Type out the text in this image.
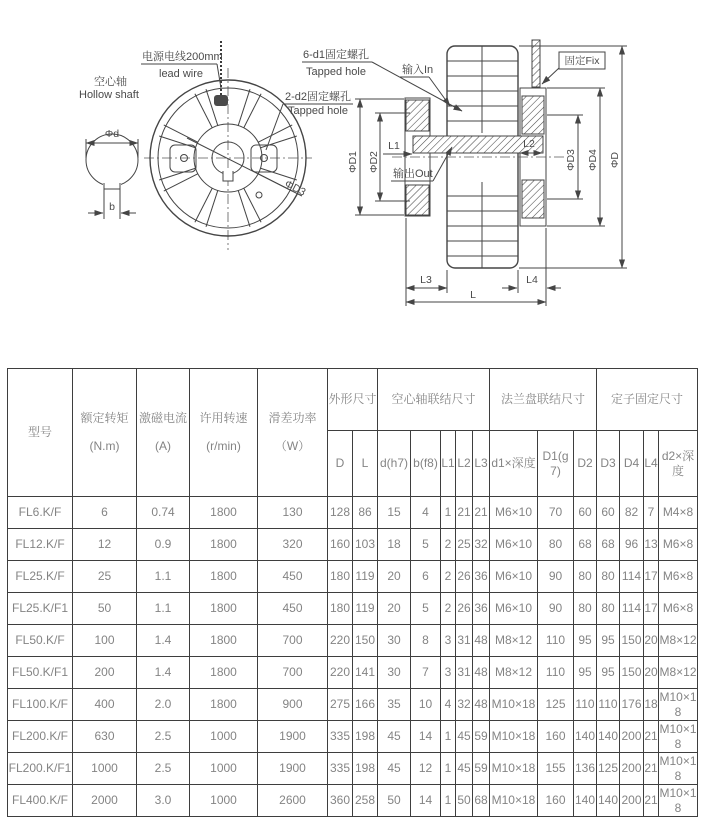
Φd
b
ΦD3
电源电线200mm
lead wire
空心轴
Hollow shaft
6-d1固定螺孔
Tapped hole
2-d2固定螺孔
Tapped hole
固定Fix
输入In
输出Out
ΦD1 ΦD2
L1	L2
ΦD3 ΦD4 ΦD
L3	L4
L
型号	
额定转矩
(N.m)

激磁电流
(A)

许用转速
(r/min)

滑差功率
（W）
	外形尺寸	空心轴联结尺寸	法兰盘联结尺寸	定子固定尺寸
					D	L	d(h7)	b(f8)	L1	L2	L3	d1×深度	D1(g7)	D2	D3	D4	L4	d2×深度
FL6.K/F	6	0.74	1800	130	128	86	15	4	1	21	21	M6×10	70	60	60	82	7	M4×8
FL12.K/F	12	0.9	1800	320	160	103	18	5	2	25	32	M6×10	80	68	68	96	13	M6×8
FL25.K/F	25	1.1	1800	450	180	119	20	6	2	26	36	M6×10	90	80	80	114	17	M6×8
FL25.K/F1	50	1.1	1800	450	180	119	20	5	2	26	36	M6×10	90	80	80	114	17	M6×8
FL50.K/F	100	1.4	1800	700	220	150	30	8	3	31	48	M8×12	110	95	95	150	20	M8×12
FL50.K/F1	200	1.4	1800	700	220	141	30	7	3	31	48	M8×12	110	95	95	150	20	M8×12
FL100.K/F	400	2.0	1800	900	275	166	35	10	4	32	48	M10×18	125	110	110	176	18	M10×18
FL200.K/F	630	2.5	1000	1900	335	198	45	14	1	45	59	M10×18	160	140	140	200	21	M10×18
FL200.K/F1	1000	2.5	1000	1900	335	198	45	12	1	45	59	M10×18	155	136	125	200	21	M10×18
FL400.K/F	2000	3.0	1000	2600	360	258	50	14	1	50	68	M10×18	160	140	140	200	21	M10×18
